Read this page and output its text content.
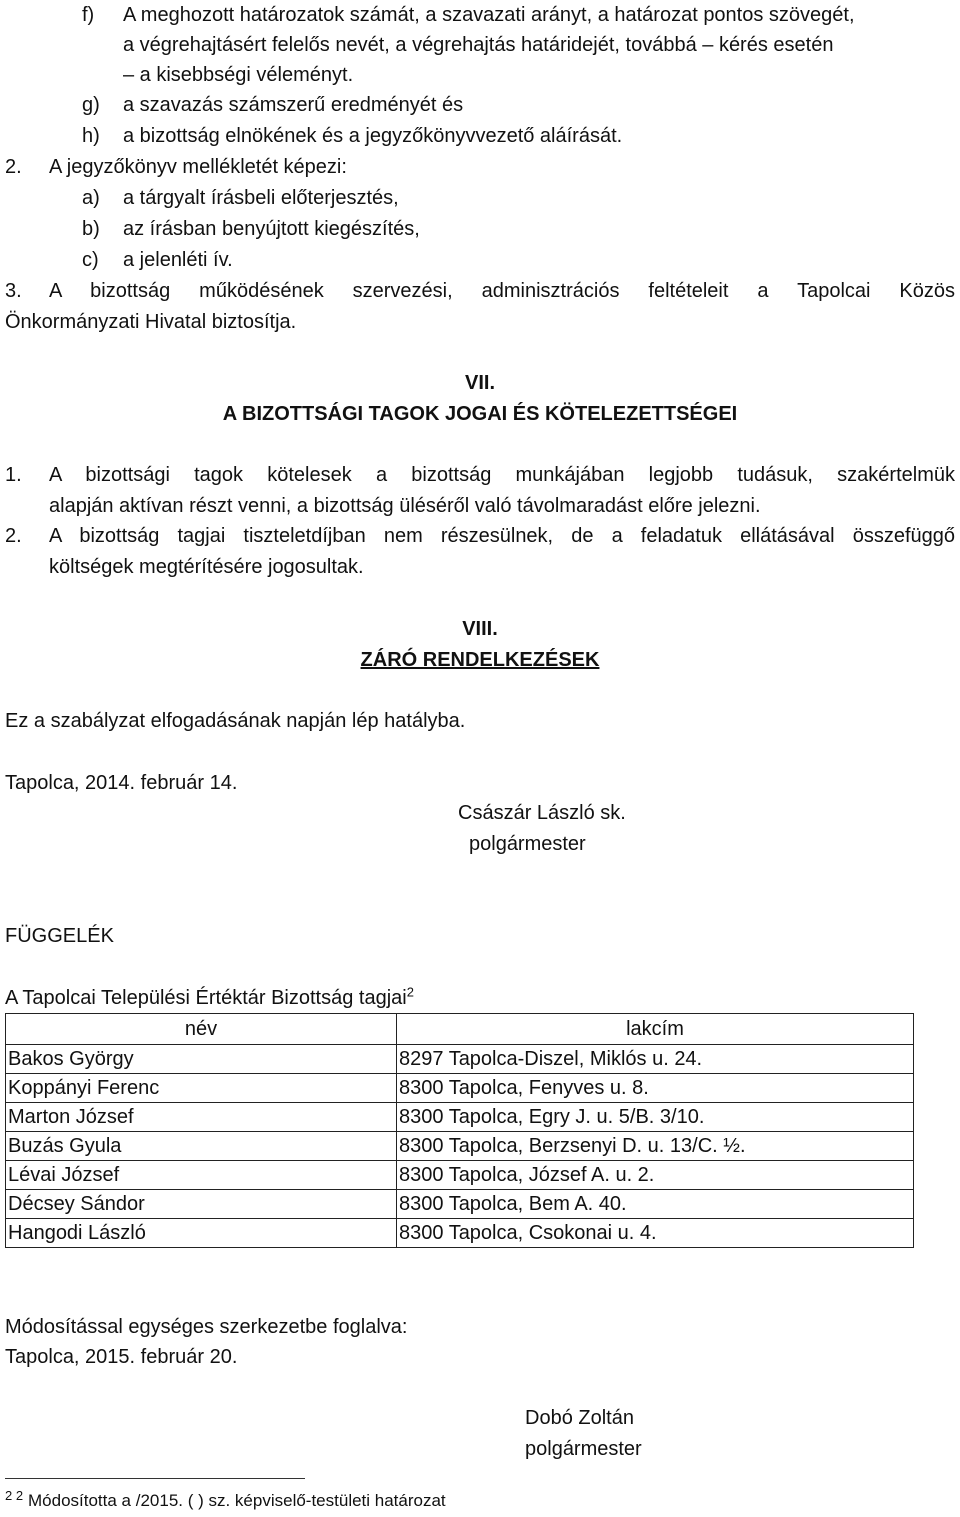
f) A meghozott határozatok számát, a szavazati arányt, a határozat pontos szövegét,
a végrehajtásért felelős nevét, a végrehajtás határidejét, továbbá – kérés esetén
– a kisebbségi véleményt.
g) a szavazás számszerű eredményét és
h) a bizottság elnökének és a jegyzőkönyvvezető aláírását.
2. A jegyzőkönyv mellékletét képezi:
a) a tárgyalt írásbeli előterjesztés,
b) az írásban benyújtott kiegészítés,
c) a jelenléti ív.
3. A bizottság működésének szervezési, adminisztrációs feltételeit a Tapolcai Közös
Önkormányzati Hivatal biztosítja.
VII.
A BIZOTTSÁGI TAGOK JOGAI ÉS KÖTELEZETTSÉGEI
1. A bizottsági tagok kötelesek a bizottság munkájában legjobb tudásuk, szakértelmük
alapján aktívan részt venni, a bizottság üléséről való távolmaradást előre jelezni.
2. A bizottság tagjai tiszteletdíjban nem részesülnek, de a feladatuk ellátásával összefüggő
költségek megtérítésére jogosultak.
VIII.
ZÁRÓ RENDELKEZÉSEK
Ez a szabályzat elfogadásának napján lép hatályba.
Tapolca, 2014. február 14.
Császár László sk.
polgármester
FÜGGELÉK
A Tapolcai Települési Értéktár Bizottság tagjai$^2$
név	lakcím
Bakos György	8297 Tapolca-Diszel, Miklós u. 24.
Koppányi Ferenc	8300 Tapolca, Fenyves u. 8.
Marton József	8300 Tapolca, Egry J. u. 5/B. 3/10.
Buzás Gyula	8300 Tapolca, Berzsenyi D. u. 13/C. ½.
Lévai József	8300 Tapolca, József A. u. 2.
Décsey Sándor	8300 Tapolca, Bem A. 40.
Hangodi László	8300 Tapolca, Csokonai u. 4.
Módosítással egységes szerkezetbe foglalva:
Tapolca, 2015. február 20.
Dobó Zoltán
polgármester
2 2 Módosította a /2015. ( ) sz. képviselő-testületi határozat
